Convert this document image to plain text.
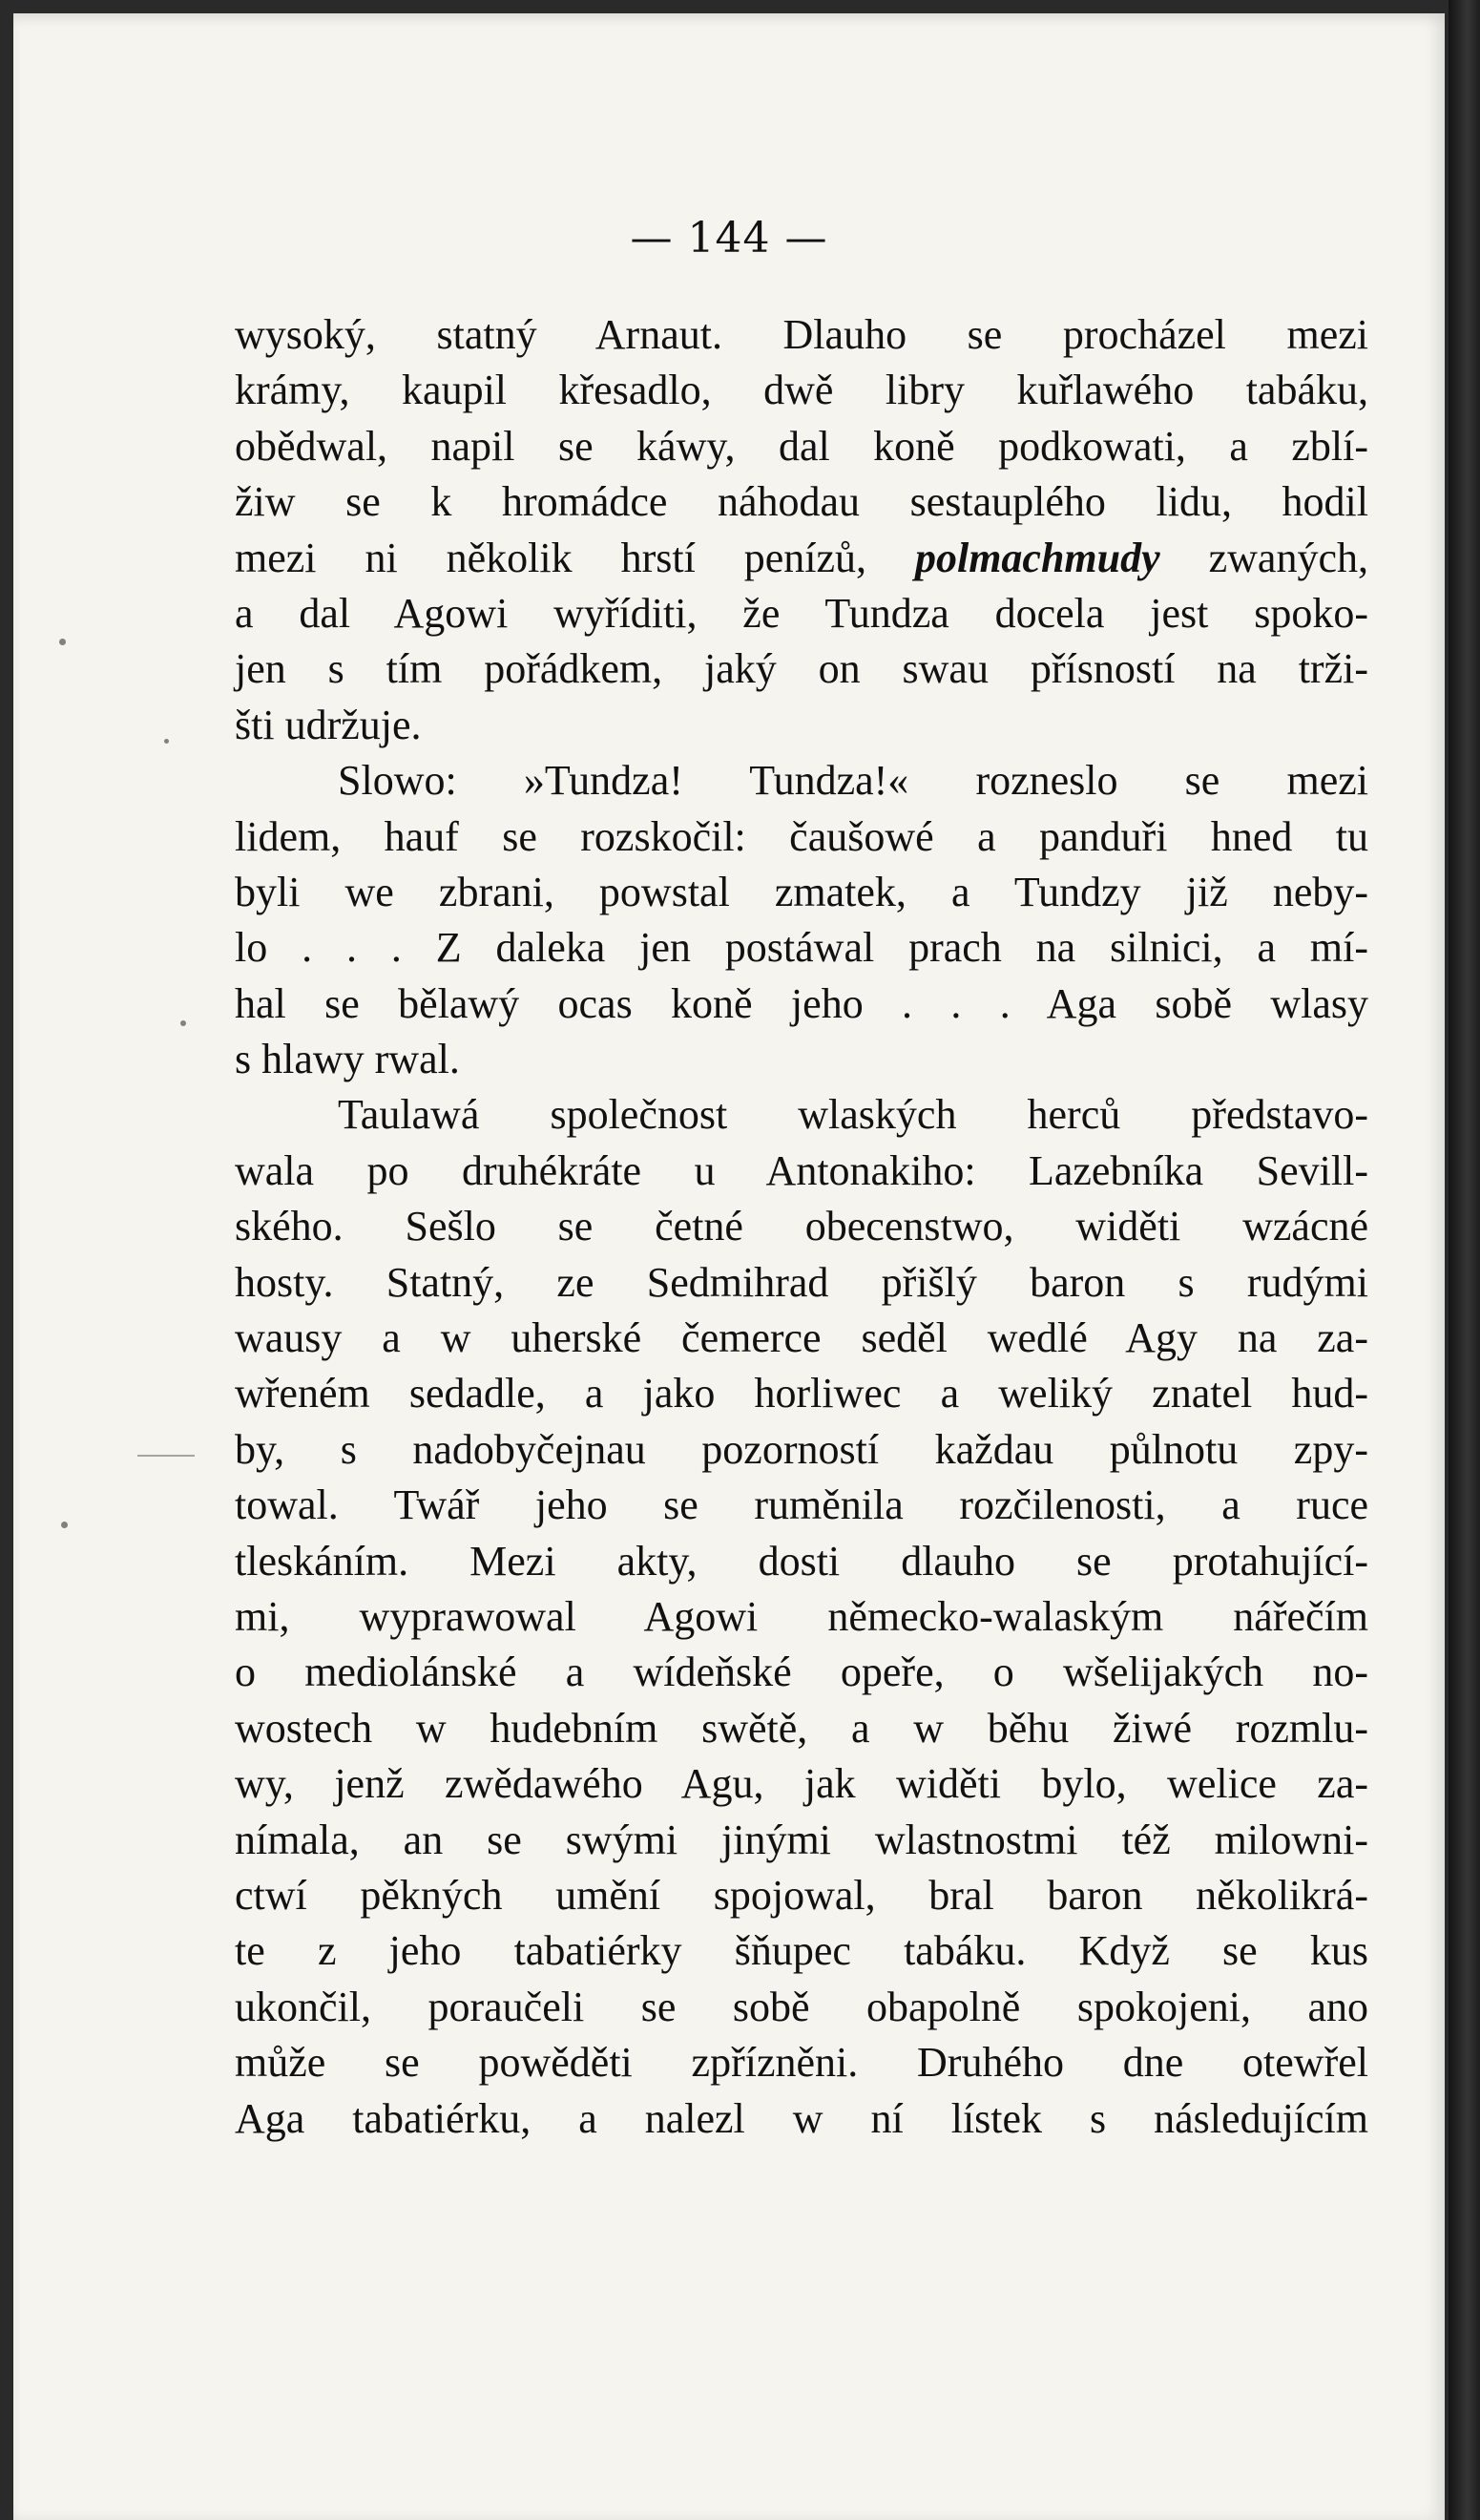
— 144 —
wysoký, statný Arnaut. Dlauho se procházel mezi
krámy, kaupil křesadlo, dwě libry kuřlawého tabáku,
obědwal, napil se káwy, dal koně podkowati, a zblí-
žiw se k hromádce náhodau sestauplého lidu, hodil
mezi ni několik hrstí penízů, polmachmudy zwaných,
a dal Agowi wyříditi, že Tundza docela jest spoko-
jen s tím pořádkem, jaký on swau přísností na trži-
šti udržuje.
Slowo: »Tundza! Tundza!« rozneslo se mezi
lidem, hauf se rozskočil: čaušowé a panduři hned tu
byli we zbrani, powstal zmatek, a Tundzy již neby-
lo . . . Z daleka jen postáwal prach na silnici, a mí-
hal se bělawý ocas koně jeho . . . Aga sobě wlasy
s hlawy rwal.
Taulawá společnost wlaských herců představo-
wala po druhékráte u Antonakiho: Lazebníka Sevill-
ského. Sešlo se četné obecenstwo, widěti wzácné
hosty. Statný, ze Sedmihrad přišlý baron s rudými
wausy a w uherské čemerce seděl wedlé Agy na za-
wřeném sedadle, a jako horliwec a weliký znatel hud-
by, s nadobyčejnau pozorností každau půlnotu zpy-
towal. Twář jeho se ruměnila rozčilenosti, a ruce
tleskáním. Mezi akty, dosti dlauho se protahující-
mi, wyprawowal Agowi německo-walaským nářečím
o mediolánské a wídeňské opeře, o wšelijakých no-
wostech w hudebním swětě, a w běhu žiwé rozmlu-
wy, jenž zwědawého Agu, jak widěti bylo, welice za-
nímala, an se swými jinými wlastnostmi též milowni-
ctwí pěkných umění spojowal, bral baron několikrá-
te z jeho tabatiérky šňupec tabáku. Když se kus
ukončil, poraučeli se sobě obapolně spokojeni, ano
může se powěděti zpřízněni. Druhého dne otewřel
Aga tabatiérku, a nalezl w ní lístek s následujícím
